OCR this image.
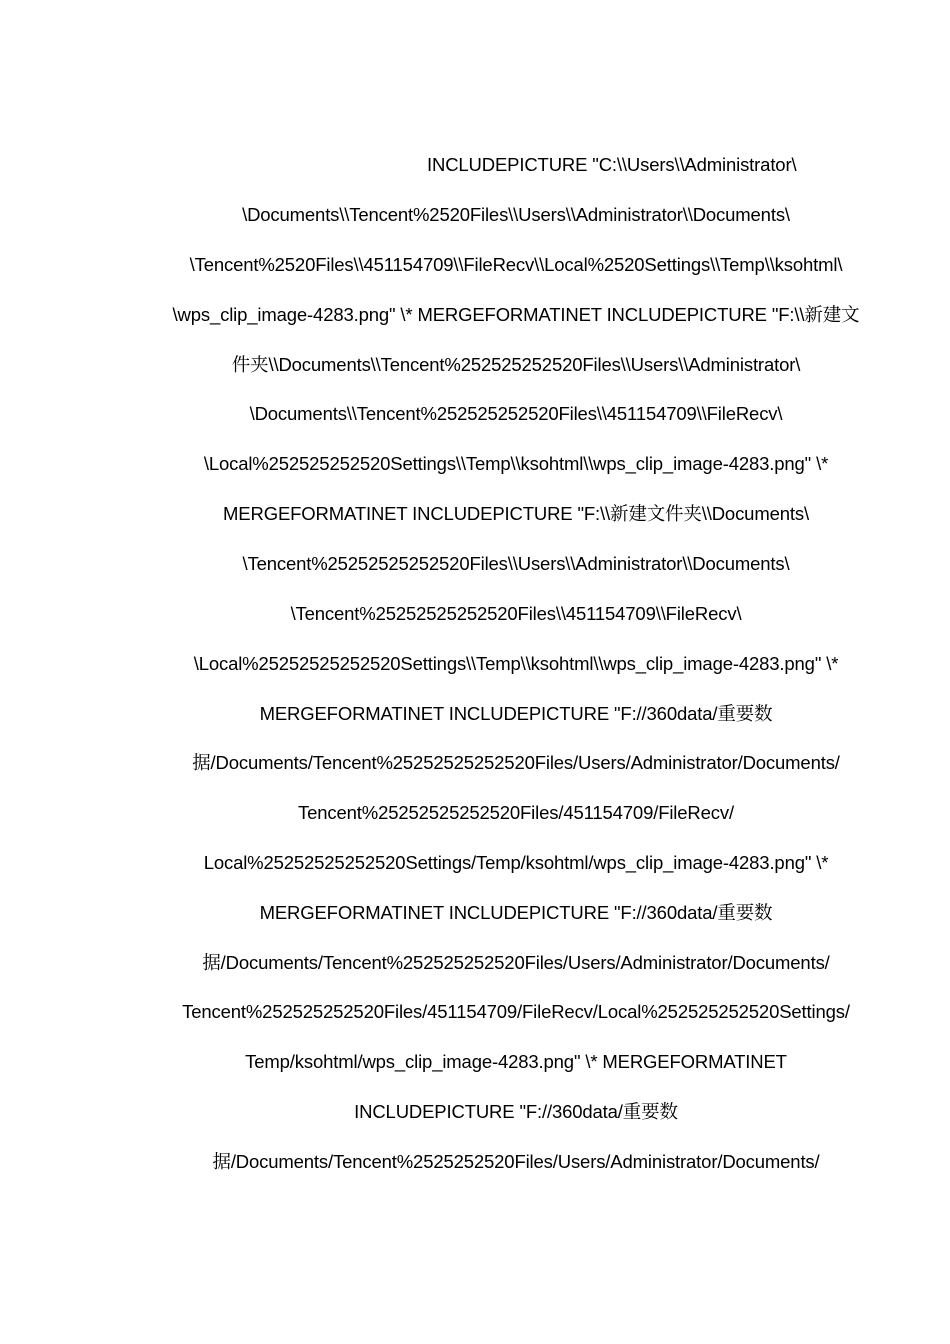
INCLUDEPICTURE "C:\\Users\\Administrator\
\Documents\\Tencent%2520Files\\Users\\Administrator\\Documents\
\Tencent%2520Files\\451154709\\FileRecv\\Local%2520Settings\\Temp\\ksohtml\
\wps_clip_image-4283.png" \* MERGEFORMATINET INCLUDEPICTURE "F:\\新建文
件夹\\Documents\\Tencent%252525252520Files\\Users\\Administrator\
\Documents\\Tencent%252525252520Files\\451154709\\FileRecv\
\Local%252525252520Settings\\Temp\\ksohtml\\wps_clip_image-4283.png" \*
MERGEFORMATINET INCLUDEPICTURE "F:\\新建文件夹\\Documents\
\Tencent%25252525252520Files\\Users\\Administrator\\Documents\
\Tencent%25252525252520Files\\451154709\\FileRecv\
\Local%25252525252520Settings\\Temp\\ksohtml\\wps_clip_image-4283.png" \*
MERGEFORMATINET INCLUDEPICTURE "F://360data/重要数
据/Documents/Tencent%25252525252520Files/Users/Administrator/Documents/
Tencent%25252525252520Files/451154709/FileRecv/
Local%25252525252520Settings/Temp/ksohtml/wps_clip_image-4283.png" \*
MERGEFORMATINET INCLUDEPICTURE "F://360data/重要数
据/Documents/Tencent%252525252520Files/Users/Administrator/Documents/
Tencent%252525252520Files/451154709/FileRecv/Local%252525252520Settings/
Temp/ksohtml/wps_clip_image-4283.png" \* MERGEFORMATINET
INCLUDEPICTURE "F://360data/重要数
据/Documents/Tencent%2525252520Files/Users/Administrator/Documents/
